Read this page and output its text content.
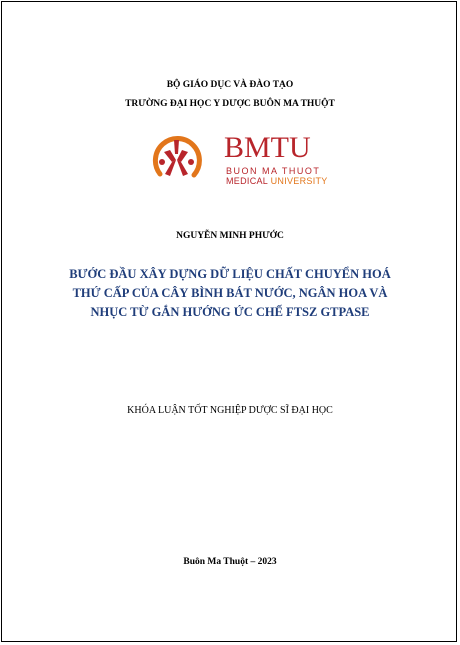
BỘ GIÁO DỤC VÀ ĐÀO TẠO
TRƯỜNG ĐẠI HỌC Y DƯỢC BUÔN MA THUỘT
BMTU
BUON MA THUOT
MEDICAL UNIVERSITY
NGUYỄN MINH PHƯỚC
BƯỚC ĐẦU XÂY DỰNG DỮ LIỆU CHẤT CHUYỂN HOÁ
THỨ CẤP CỦA CÂY BÌNH BÁT NƯỚC, NGÂN HOA VÀ
NHỤC TỪ GẮN HƯỚNG ỨC CHẾ FTSZ GTPASE
KHÓA LUẬN TỐT NGHIỆP DƯỢC SĨ ĐẠI HỌC
Buôn Ma Thuột – 2023
